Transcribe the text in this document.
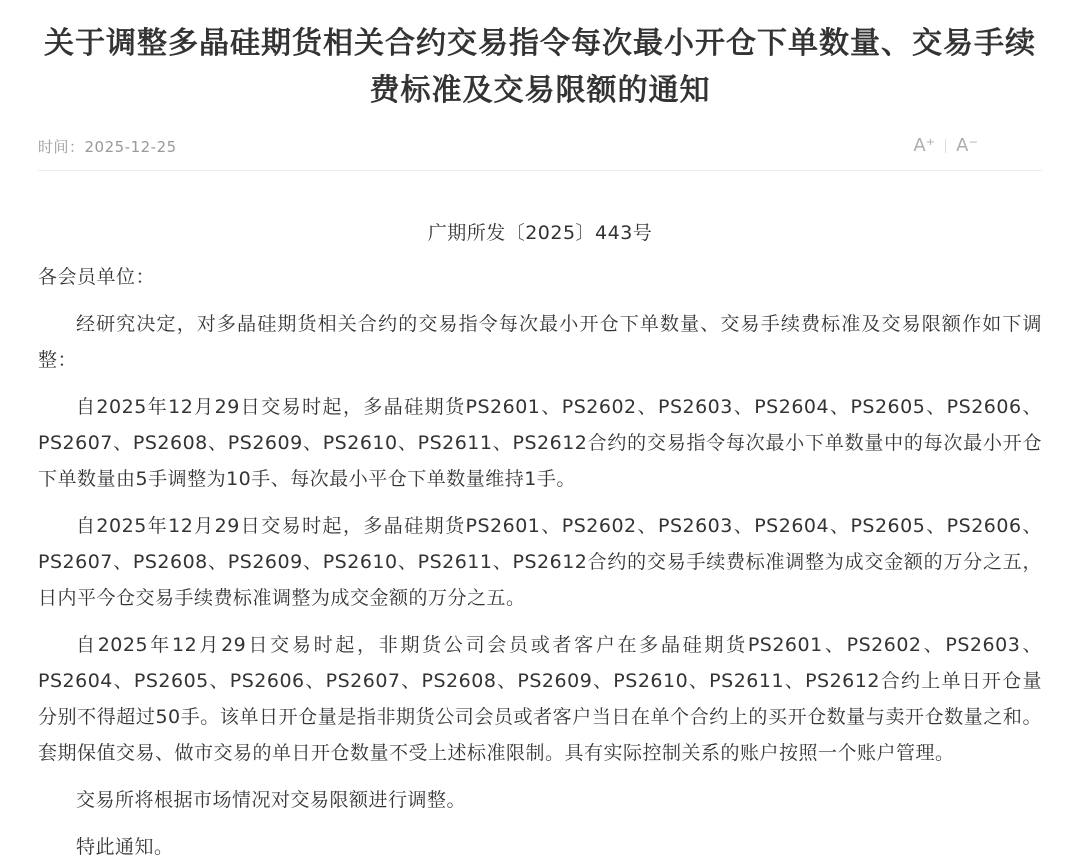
关于调整多晶硅期货相关合约交易指令每次最小开仓下单数量、交易手续费标准及交易限额的通知
时间：2025-12-25	A⁺	A⁻

广期所发〔2025〕443号

各会员单位：

经研究决定，对多晶硅期货相关合约的交易指令每次最小开仓下单数量、交易手续费标准及交易限额作如下调整：

自2025年12月29日交易时起，多晶硅期货PS2601、PS2602、PS2603、PS2604、PS2605、PS2606、PS2607、PS2608、PS2609、PS2610、PS2611、PS2612合约的交易指令每次最小下单数量中的每次最小开仓下单数量由5手调整为10手、每次最小平仓下单数量维持1手。

自2025年12月29日交易时起，多晶硅期货PS2601、PS2602、PS2603、PS2604、PS2605、PS2606、PS2607、PS2608、PS2609、PS2610、PS2611、PS2612合约的交易手续费标准调整为成交金额的万分之五，日内平今仓交易手续费标准调整为成交金额的万分之五。

自2025年12月29日交易时起，非期货公司会员或者客户在多晶硅期货PS2601、PS2602、PS2603、PS2604、PS2605、PS2606、PS2607、PS2608、PS2609、PS2610、PS2611、PS2612合约上单日开仓量分别不得超过50手。该单日开仓量是指非期货公司会员或者客户当日在单个合约上的买开仓数量与卖开仓数量之和。套期保值交易、做市交易的单日开仓数量不受上述标准限制。具有实际控制关系的账户按照一个账户管理。

交易所将根据市场情况对交易限额进行调整。

特此通知。
